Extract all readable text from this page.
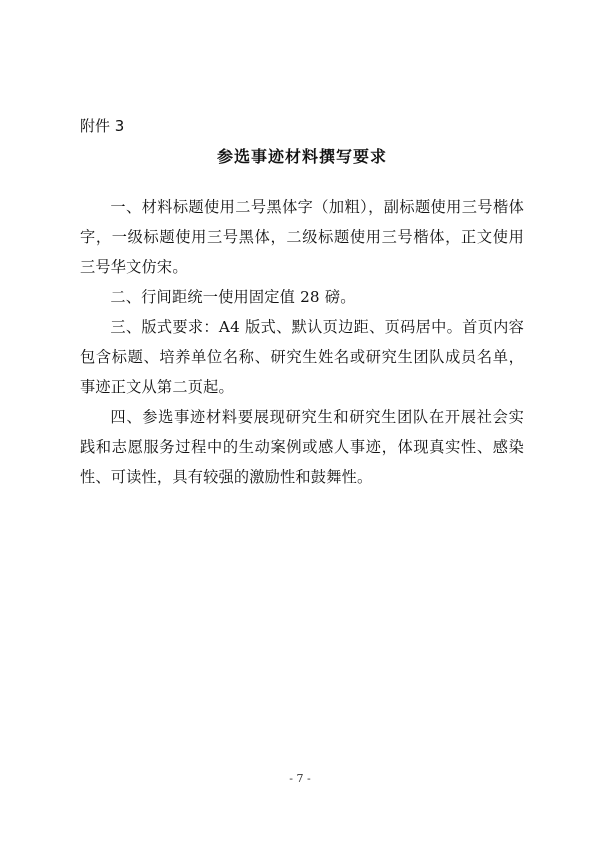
附件 3
参选事迹材料撰写要求

一、材料标题使用二号黑体字（加粗），副标题使用三号楷体字，一级标题使用三号黑体，二级标题使用三号楷体，正文使用三号华文仿宋。

二、行间距统一使用固定值 28 磅。

三、版式要求：A4 版式、默认页边距、页码居中。首页内容包含标题、培养单位名称、研究生姓名或研究生团队成员名单，事迹正文从第二页起。

四、参选事迹材料要展现研究生和研究生团队在开展社会实践和志愿服务过程中的生动案例或感人事迹，体现真实性、感染性、可读性，具有较强的激励性和鼓舞性。

- 7 -
